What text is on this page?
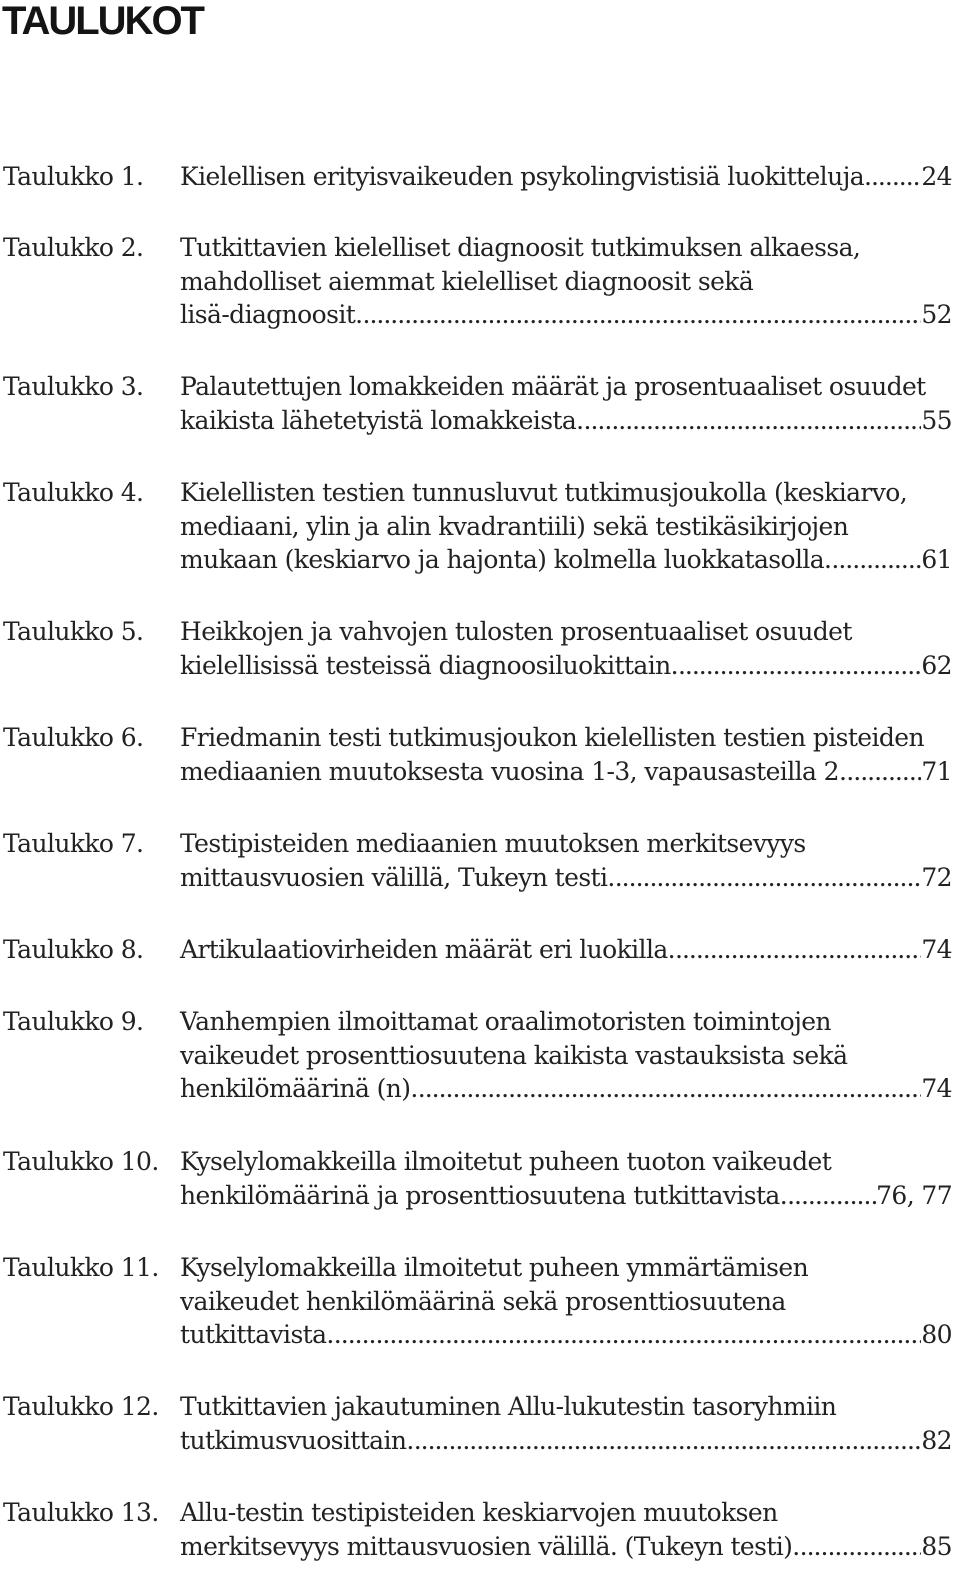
TAULUKOT
Taulukko 1. Kielellisen erityisvaikeuden psykolingvistisiä luokitteluja ..... 24
Taulukko 2. Tutkittavien kielelliset diagnoosit tutkimuksen alkaessa,
mahdolliset aiemmat kielelliset diagnoosit sekä
lisä-diagnoosit. .....	52
Taulukko 3. Palautettujen lomakkeiden määrät ja prosentuaaliset osuudet
kaikista lähetetyistä lomakkeista. .....	55
Taulukko 4. Kielellisten testien tunnusluvut tutkimusjoukolla (keskiarvo,
mediaani, ylin ja alin kvadrantiili) sekä testikäsikirjojen
mukaan (keskiarvo ja hajonta) kolmella luokkatasolla. .....	61
Taulukko 5. Heikkojen ja vahvojen tulosten prosentuaaliset osuudet
kielellisissä testeissä diagnoosiluokittain. .....	62
Taulukko 6. Friedmanin testi tutkimusjoukon kielellisten testien pisteiden
mediaanien muutoksesta vuosina 1-3, vapausasteilla 2. .....	71
Taulukko 7. Testipisteiden mediaanien muutoksen merkitsevyys
mittausvuosien välillä, Tukeyn testi. .....	72
Taulukko 8. Artikulaatiovirheiden määrät eri luokilla. .....	74
Taulukko 9. Vanhempien ilmoittamat oraalimotoristen toimintojen
vaikeudet prosenttiosuutena kaikista vastauksista sekä
henkilömäärinä (n). .....	74
Taulukko 10. Kyselylomakkeilla ilmoitetut puheen tuoton vaikeudet
henkilömäärinä ja prosenttiosuutena tutkittavista. .....	76, 77
Taulukko 11. Kyselylomakkeilla ilmoitetut puheen ymmärtämisen
vaikeudet henkilömäärinä sekä prosenttiosuutena
tutkittavista. .....	80
Taulukko 12. Tutkittavien jakautuminen Allu-lukutestin tasoryhmiin
tutkimusvuosittain. .....	82
Taulukko 13. Allu-testin testipisteiden keskiarvojen muutoksen
merkitsevyys mittausvuosien välillä. (Tukeyn testi). .....	85
